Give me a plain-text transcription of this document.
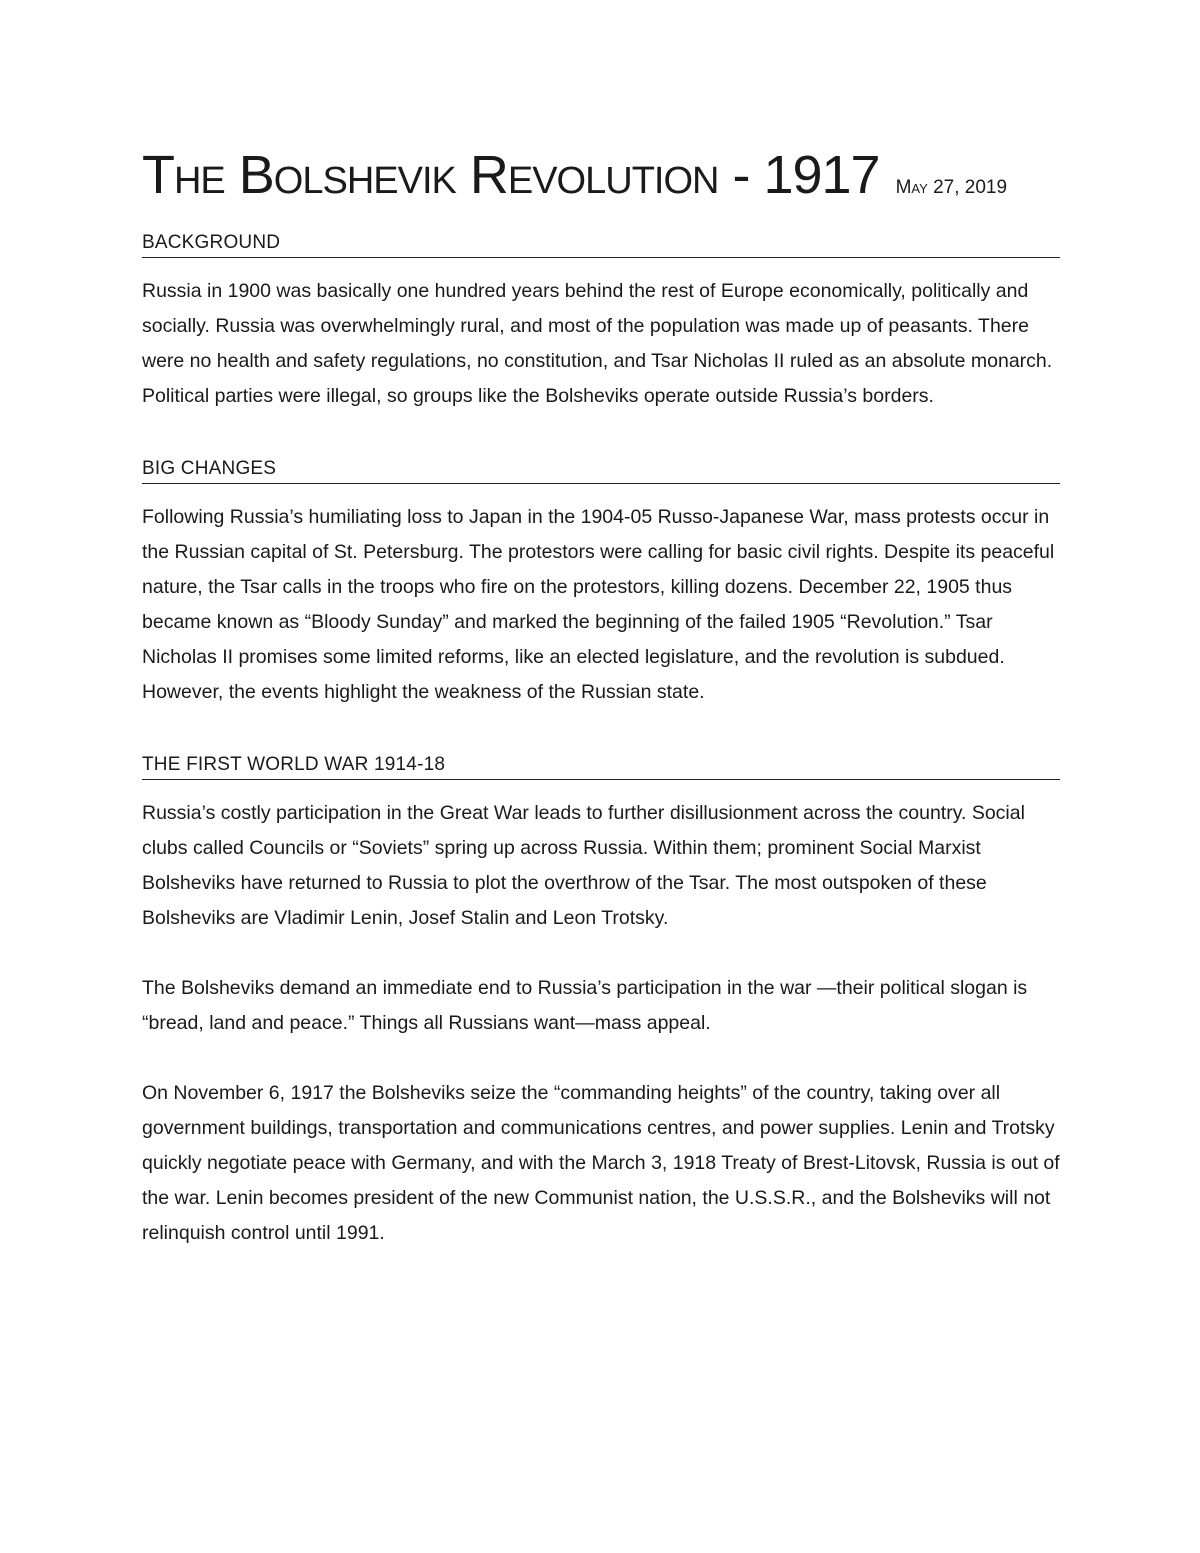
The Bolshevik Revolution - 1917 May 27, 2019
BACKGROUND

Russia in 1900 was basically one hundred years behind the rest of Europe economically, politically and socially. Russia was overwhelmingly rural, and most of the population was made up of peasants. There were no health and safety regulations, no constitution, and Tsar Nicholas II ruled as an absolute monarch. Political parties were illegal, so groups like the Bolsheviks operate outside Russia’s borders.

BIG CHANGES

Following Russia’s humiliating loss to Japan in the 1904-05 Russo-Japanese War, mass protests occur in the Russian capital of St. Petersburg. The protestors were calling for basic civil rights. Despite its peaceful nature, the Tsar calls in the troops who fire on the protestors, killing dozens. December 22, 1905 thus became known as “Bloody Sunday” and marked the beginning of the failed 1905 “Revolution.” Tsar Nicholas II promises some limited reforms, like an elected legislature, and the revolution is subdued. However, the events highlight the weakness of the Russian state.

THE FIRST WORLD WAR 1914-18

Russia’s costly participation in the Great War leads to further disillusionment across the country. Social clubs called Councils or “Soviets” spring up across Russia. Within them; prominent Social Marxist Bolsheviks have returned to Russia to plot the overthrow of the Tsar. The most outspoken of these Bolsheviks are Vladimir Lenin, Josef Stalin and Leon Trotsky.

The Bolsheviks demand an immediate end to Russia’s participation in the war —their political slogan is “bread, land and peace.” Things all Russians want—mass appeal.

On November 6, 1917 the Bolsheviks seize the “commanding heights” of the country, taking over all government buildings, transportation and communications centres, and power supplies. Lenin and Trotsky quickly negotiate peace with Germany, and with the March 3, 1918 Treaty of Brest-Litovsk, Russia is out of the war. Lenin becomes president of the new Communist nation, the U.S.S.R., and the Bolsheviks will not relinquish control until 1991.
